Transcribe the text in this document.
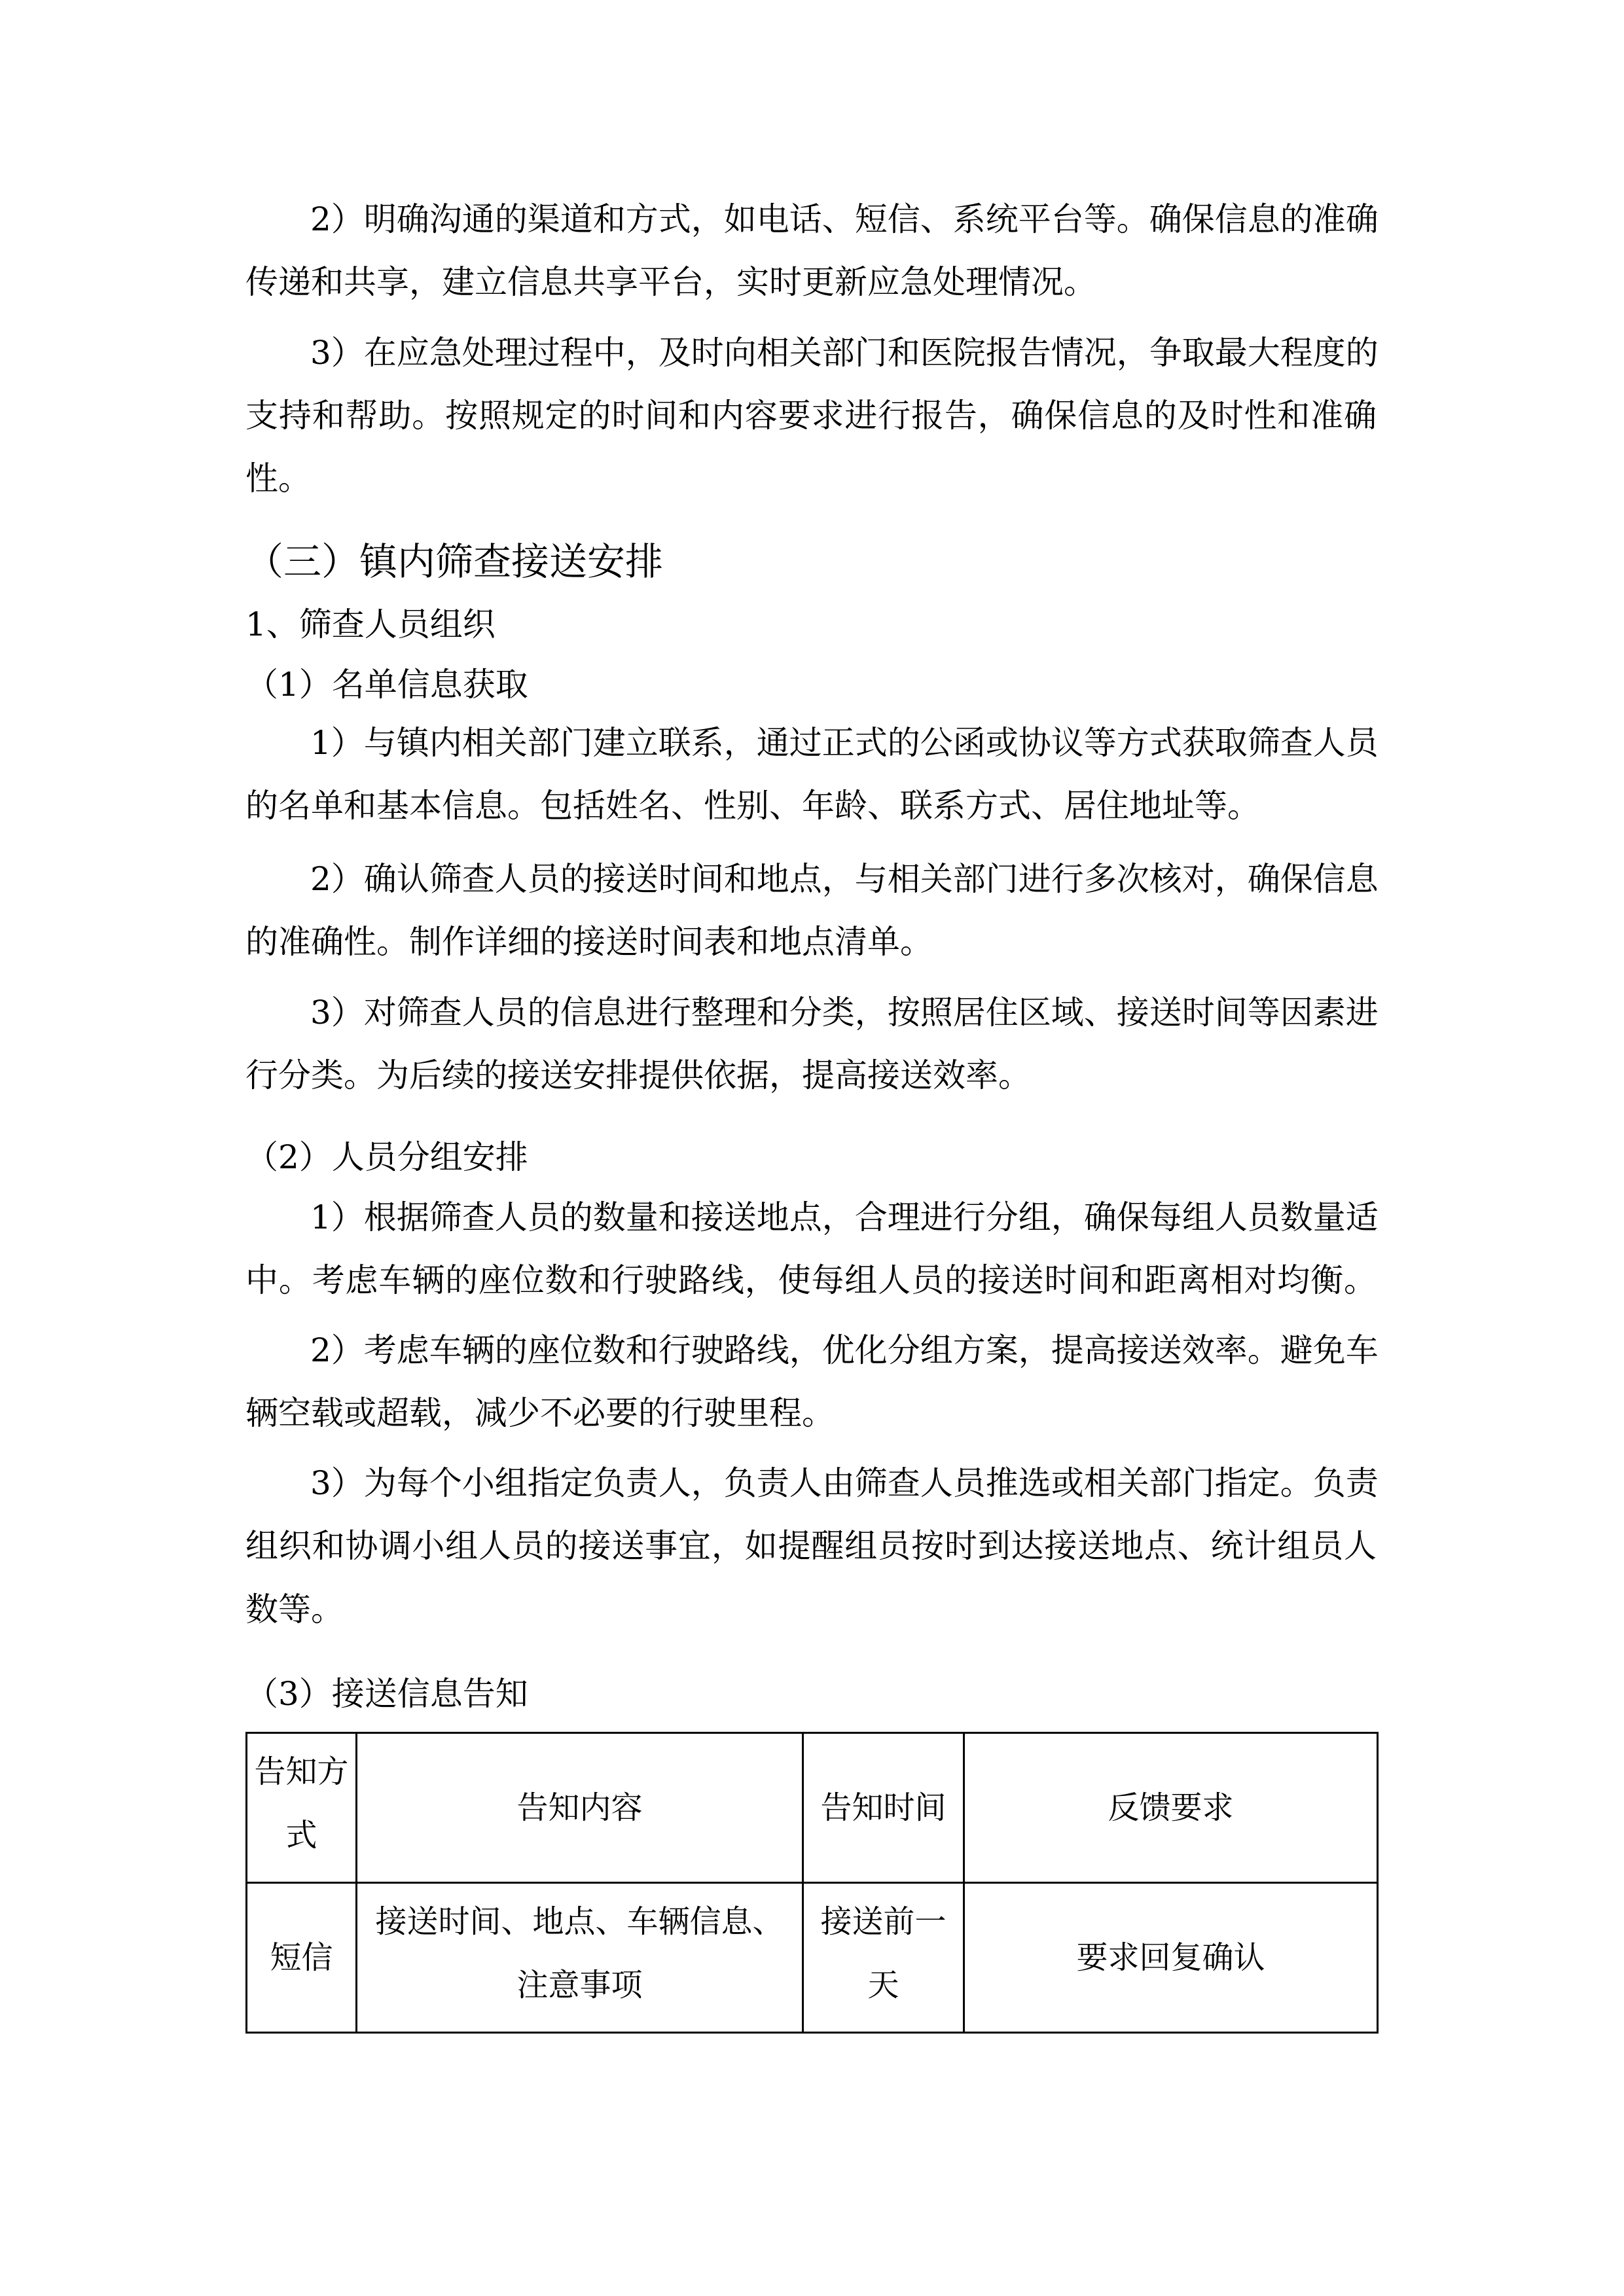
2）明确沟通的渠道和方式，如电话、短信、系统平台等。确保信息的准确
传递和共享，建立信息共享平台，实时更新应急处理情况。
3）在应急处理过程中，及时向相关部门和医院报告情况，争取最大程度的
支持和帮助。按照规定的时间和内容要求进行报告，确保信息的及时性和准确
性。
（三）镇内筛查接送安排
1、筛查人员组织
（1）名单信息获取
1）与镇内相关部门建立联系，通过正式的公函或协议等方式获取筛查人员
的名单和基本信息。包括姓名、性别、年龄、联系方式、居住地址等。
2）确认筛查人员的接送时间和地点，与相关部门进行多次核对，确保信息
的准确性。制作详细的接送时间表和地点清单。
3）对筛查人员的信息进行整理和分类，按照居住区域、接送时间等因素进
行分类。为后续的接送安排提供依据，提高接送效率。
（2）人员分组安排
1）根据筛查人员的数量和接送地点，合理进行分组，确保每组人员数量适
中。考虑车辆的座位数和行驶路线，使每组人员的接送时间和距离相对均衡。
2）考虑车辆的座位数和行驶路线，优化分组方案，提高接送效率。避免车
辆空载或超载，减少不必要的行驶里程。
3）为每个小组指定负责人，负责人由筛查人员推选或相关部门指定。负责
组织和协调小组人员的接送事宜，如提醒组员按时到达接送地点、统计组员人
数等。
（3）接送信息告知
告知方式	告知内容	告知时间	反馈要求
短信	接送时间、地点、车辆信息、注意事项	接送前一天	要求回复确认
